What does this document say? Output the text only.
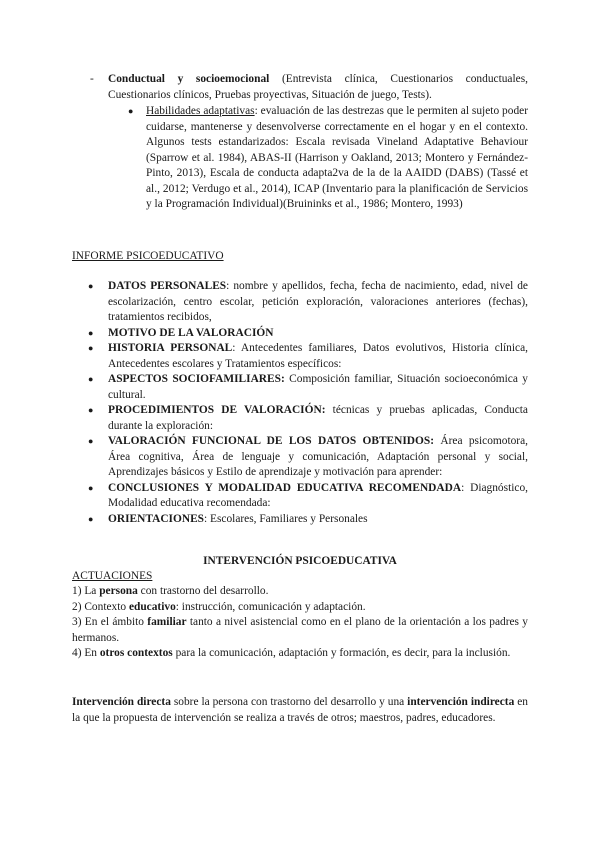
- Conductual y socioemocional (Entrevista clínica, Cuestionarios conductuales, Cuestionarios clínicos, Pruebas proyectivas, Situación de juego, Tests).
● Habilidades adaptativas: evaluación de las destrezas que le permiten al sujeto poder cuidarse, mantenerse y desenvolverse correctamente en el hogar y en el contexto. Algunos tests estandarizados: Escala revisada Vineland Adaptative Behaviour (Sparrow et al. 1984), ABAS-II (Harrison y Oakland, 2013; Montero y Fernández-Pinto, 2013), Escala de conducta adapta2va de la de la AAIDD (DABS) (Tassé et al., 2012; Verdugo et al., 2014), ICAP (Inventario para la planificación de Servicios y la Programación Individual)(Bruininks et al., 1986; Montero, 1993)
INFORME PSICOEDUCATIVO
● DATOS PERSONALES: nombre y apellidos, fecha, fecha de nacimiento, edad, nivel de escolarización, centro escolar, petición exploración, valoraciones anteriores (fechas), tratamientos recibidos,
● MOTIVO DE LA VALORACIÓN
● HISTORIA PERSONAL: Antecedentes familiares, Datos evolutivos, Historia clínica, Antecedentes escolares y Tratamientos específicos:
● ASPECTOS SOCIOFAMILIARES: Composición familiar, Situación socioeconómica y cultural.
● PROCEDIMIENTOS DE VALORACIÓN: técnicas y pruebas aplicadas, Conducta durante la exploración:
● VALORACIÓN FUNCIONAL DE LOS DATOS OBTENIDOS: Área psicomotora, Área cognitiva, Área de lenguaje y comunicación, Adaptación personal y social, Aprendizajes básicos y Estilo de aprendizaje y motivación para aprender:
● CONCLUSIONES Y MODALIDAD EDUCATIVA RECOMENDADA: Diagnóstico, Modalidad educativa recomendada:
● ORIENTACIONES: Escolares, Familiares y Personales
INTERVENCIÓN PSICOEDUCATIVA
ACTUACIONES
1) La persona con trastorno del desarrollo.
2) Contexto educativo: instrucción, comunicación y adaptación.
3) En el ámbito familiar tanto a nivel asistencial como en el plano de la orientación a los padres y hermanos.
4) En otros contextos para la comunicación, adaptación y formación, es decir, para la inclusión.
Intervención directa sobre la persona con trastorno del desarrollo y una intervención indirecta en la que la propuesta de intervención se realiza a través de otros; maestros, padres, educadores.
